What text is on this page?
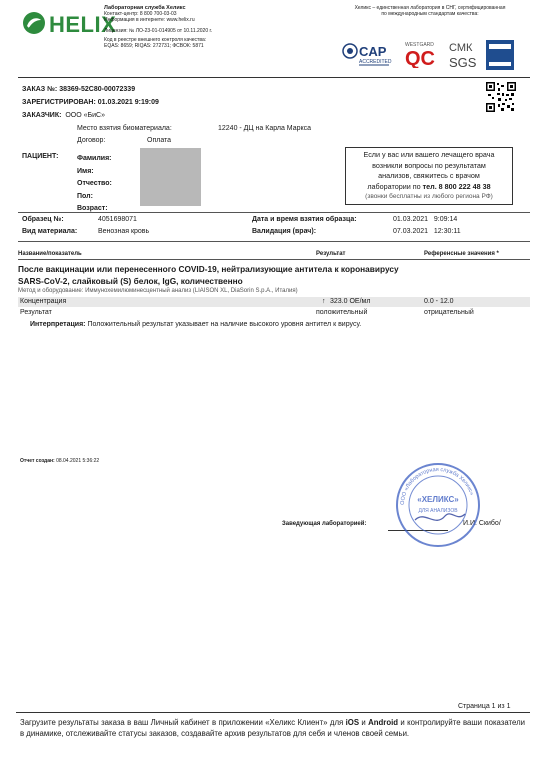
HELIX
Лабораторная служба Хеликс
Контакт-центр: 8 800 700-03-03
Информация в интернете: www.helix.ru
Лицензия: № ЛО-23-01-014905 от 10.11.2020 г.
Код в реестре внешнего контроля качества:
EQAS: 8659; RIQAS: 272731; ФСВОК: 5871
Хеликс – единственная лаборатория в СНГ, сертифицированная
по международным стандартам качества:
CAP
ACCREDITED
WESTGARD
QC СМК
SGS
ЗАКАЗ №: 38369-52C80-00072339
ЗАРЕГИСТРИРОВАН: 01.03.2021 9:19:09
ЗАКАЗЧИК: ООО «БиС»
Место взятия биоматериала:	12240 - ДЦ на Карла Маркса
Договор:	Оплата
ПАЦИЕНТ:	Фамилия:
Имя:
Отчество:
Пол:
Возраст:
Если у вас или вашего лечащего врача
возникли вопросы по результатам
анализов, свяжитесь с врачом
лаборатории по тел. 8 800 222 48 38
(звонки бесплатны из любого региона РФ)
Образец №:	4051698071
Вид материала:	Венозная кровь
Дата и время взятия образца:	01.03.2021   9:09:14
Валидация (врач):	07.03.2021   12:30:11
Название/показатель	Результат	Референсные значения *
После вакцинации или перенесенного COVID-19, нейтрализующие антитела к коронавирусу
SARS-CoV-2, слайковый (S) белок, IgG, количественно
Метод и оборудование: Иммунохемилюминесцентный анализ (LIAISON XL, DiaSorin S.p.A., Италия)
Концентрация	↑ 323.0 ОЕ/мл	0.0 - 12.0
Результат	положительный	отрицательный
Интерпретация: Положительный результат указывает на наличие высокого уровня антител к вирусу.
Отчет создан: 08.04.2021 5:36:22
Заведующая лабораторией:	И.И. Скибо/
ООО «Лабораторная служба Хеликс»
«ХЕЛИКС»
ДЛЯ АНАЛИЗОВ
Страница 1 из 1
Загрузите результаты заказа в ваш Личный кабинет в приложении «Хеликс Клиент» для iOS и Android и контролируйте ваши показатели в динамике, отслеживайте статусы заказов, создавайте архив результатов для себя и членов своей семьи.
